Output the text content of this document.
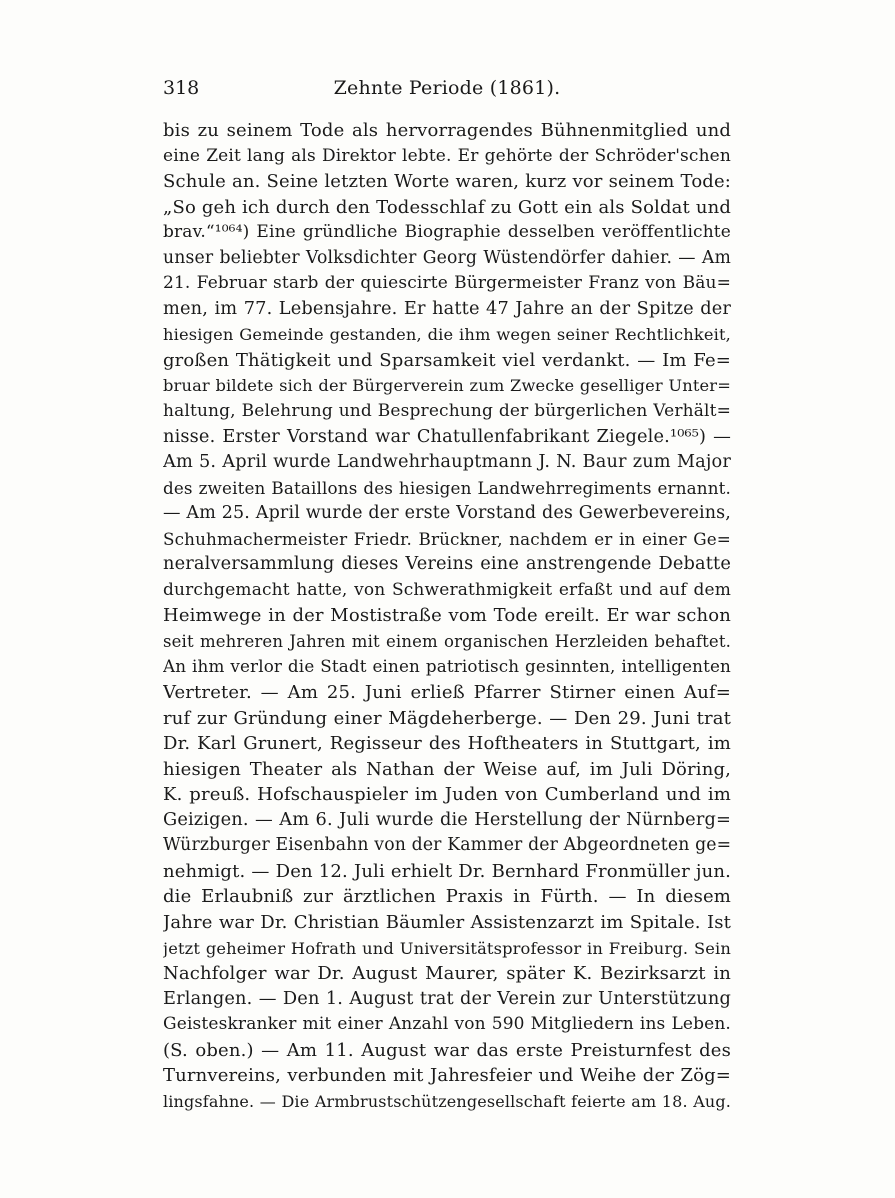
318	Zehnte Periode (1861).
bis zu seinem Tode als hervorragendes Bühnenmitglied und
eine Zeit lang als Direktor lebte. Er gehörte der Schröder'schen
Schule an. Seine letzten Worte waren, kurz vor seinem Tode:
„So geh ich durch den Todesschlaf zu Gott ein als Soldat und
brav.“¹⁰⁶⁴) Eine gründliche Biographie desselben veröffentlichte
unser beliebter Volksdichter Georg Wüstendörfer dahier. — Am
21. Februar starb der quiescirte Bürgermeister Franz von Bäu=
men, im 77. Lebensjahre. Er hatte 47 Jahre an der Spitze der
hiesigen Gemeinde gestanden, die ihm wegen seiner Rechtlichkeit,
großen Thätigkeit und Sparsamkeit viel verdankt. — Im Fe=
bruar bildete sich der Bürgerverein zum Zwecke geselliger Unter=
haltung, Belehrung und Besprechung der bürgerlichen Verhält=
nisse. Erster Vorstand war Chatullenfabrikant Ziegele.¹⁰⁶⁵) —
Am 5. April wurde Landwehrhauptmann J. N. Baur zum Major
des zweiten Bataillons des hiesigen Landwehrregiments ernannt.
— Am 25. April wurde der erste Vorstand des Gewerbevereins,
Schuhmachermeister Friedr. Brückner, nachdem er in einer Ge=
neralversammlung dieses Vereins eine anstrengende Debatte
durchgemacht hatte, von Schwerathmigkeit erfaßt und auf dem
Heimwege in der Mostistraße vom Tode ereilt. Er war schon
seit mehreren Jahren mit einem organischen Herzleiden behaftet.
An ihm verlor die Stadt einen patriotisch gesinnten, intelligenten
Vertreter. — Am 25. Juni erließ Pfarrer Stirner einen Auf=
ruf zur Gründung einer Mägdeherberge. — Den 29. Juni trat
Dr. Karl Grunert, Regisseur des Hoftheaters in Stuttgart, im
hiesigen Theater als Nathan der Weise auf, im Juli Döring,
K. preuß. Hofschauspieler im Juden von Cumberland und im
Geizigen. — Am 6. Juli wurde die Herstellung der Nürnberg=
Würzburger Eisenbahn von der Kammer der Abgeordneten ge=
nehmigt. — Den 12. Juli erhielt Dr. Bernhard Fronmüller jun.
die Erlaubniß zur ärztlichen Praxis in Fürth. — In diesem
Jahre war Dr. Christian Bäumler Assistenzarzt im Spitale. Ist
jetzt geheimer Hofrath und Universitätsprofessor in Freiburg. Sein
Nachfolger war Dr. August Maurer, später K. Bezirksarzt in
Erlangen. — Den 1. August trat der Verein zur Unterstützung
Geisteskranker mit einer Anzahl von 590 Mitgliedern ins Leben.
(S. oben.) — Am 11. August war das erste Preisturnfest des
Turnvereins, verbunden mit Jahresfeier und Weihe der Zög=
lingsfahne. — Die Armbrustschützengesellschaft feierte am 18. Aug.
